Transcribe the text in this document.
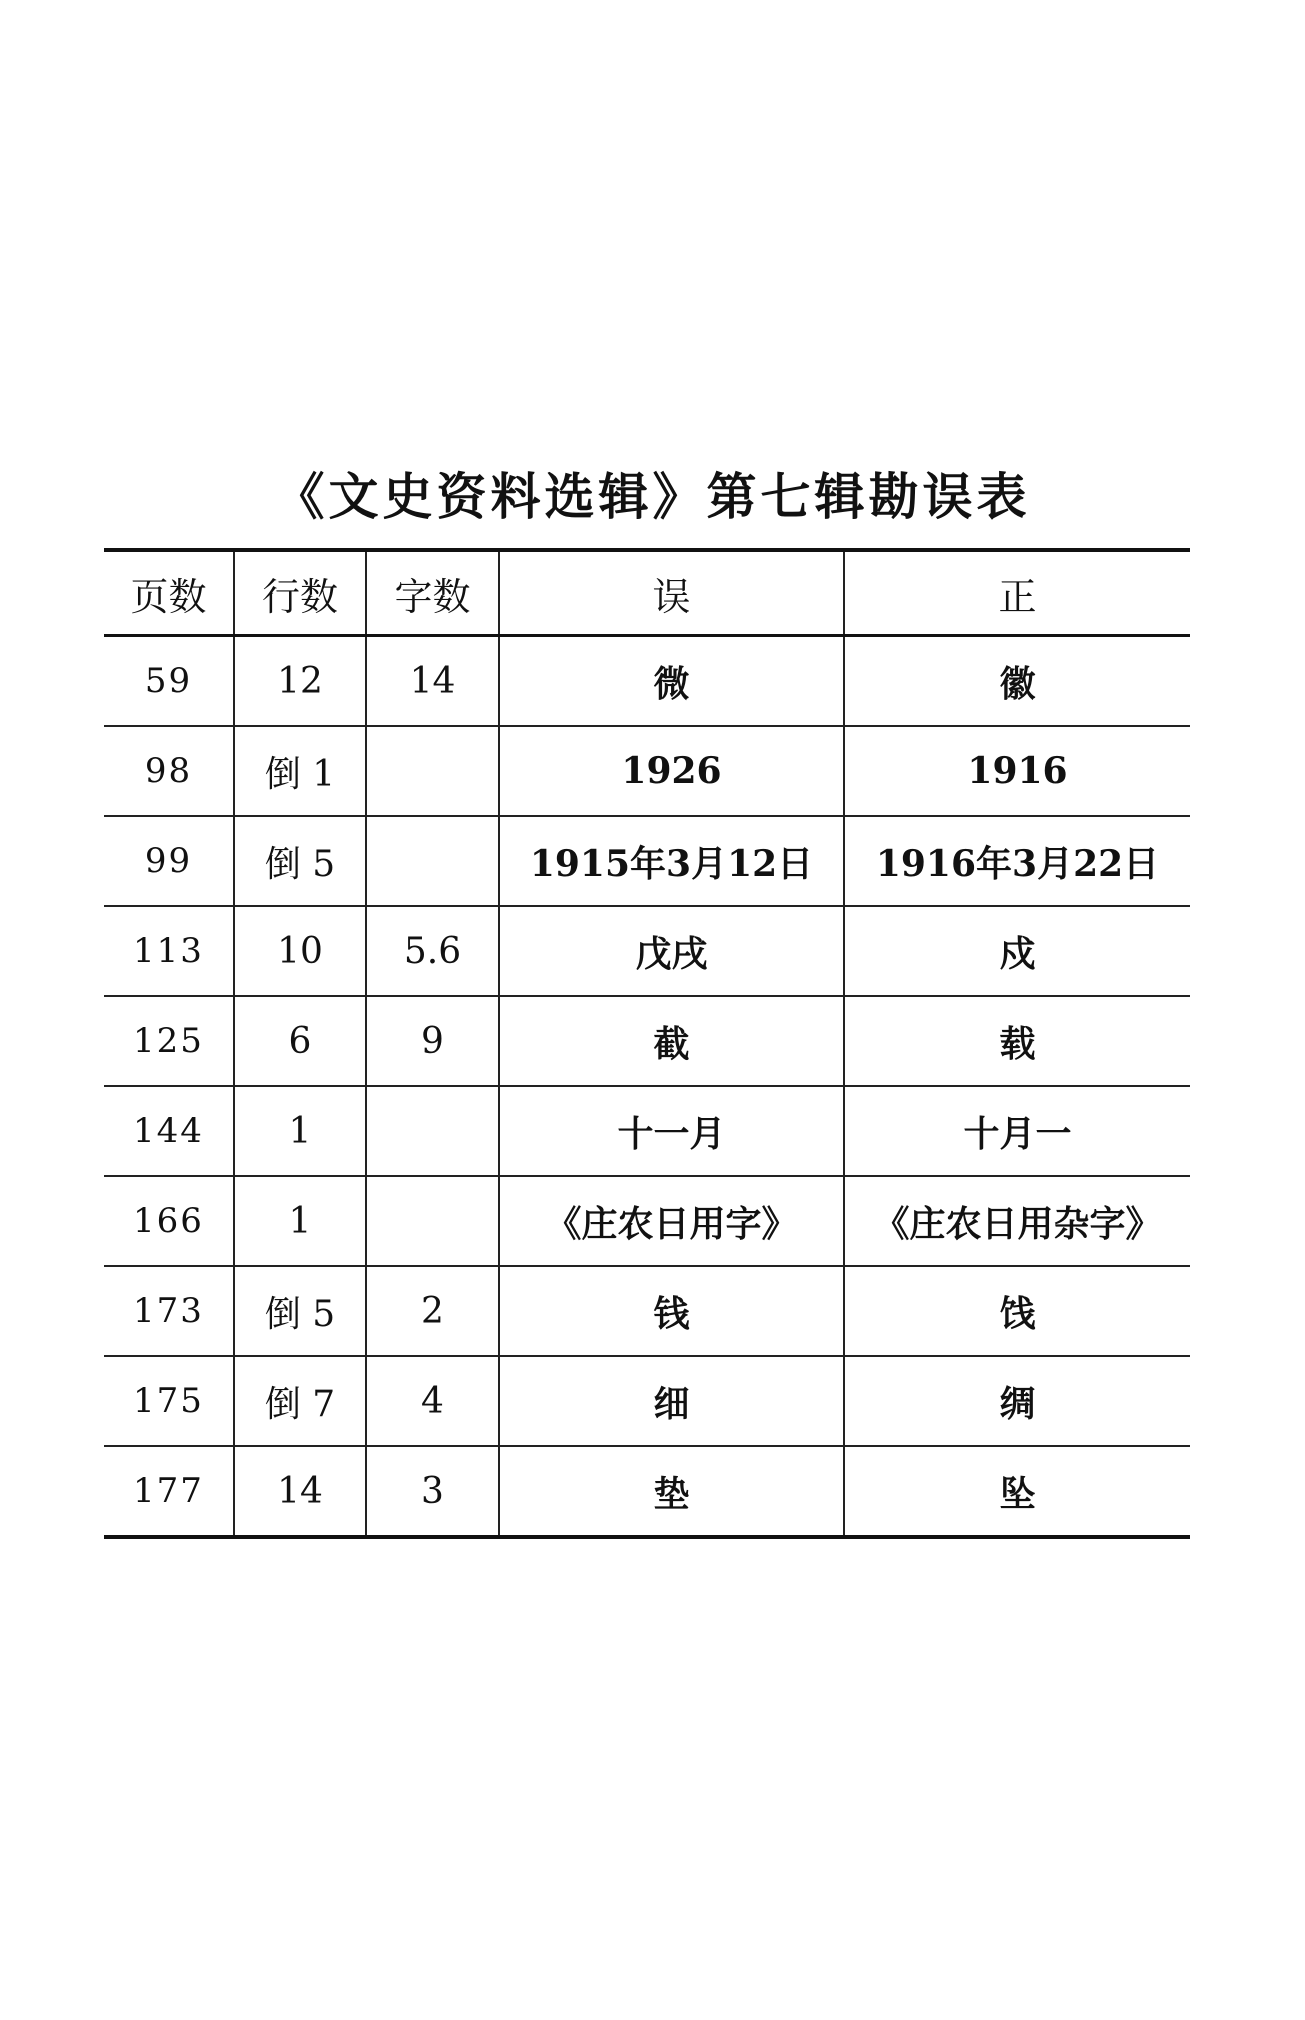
《文史资料选辑》第七辑勘误表
页数	行数	字数	误	正
59	12	14	微	徽
98	倒 1		1926	1916
99	倒 5		1915年3月12日	1916年3月22日
113	10	5.6	戊戌	戍
125	6	9	截	载
144	1		十一月	十月一
166	1		《庄农日用字》	《庄农日用杂字》
173	倒 5	2	钱	饯
175	倒 7	4	细	绸
177	14	3	垫	坠
